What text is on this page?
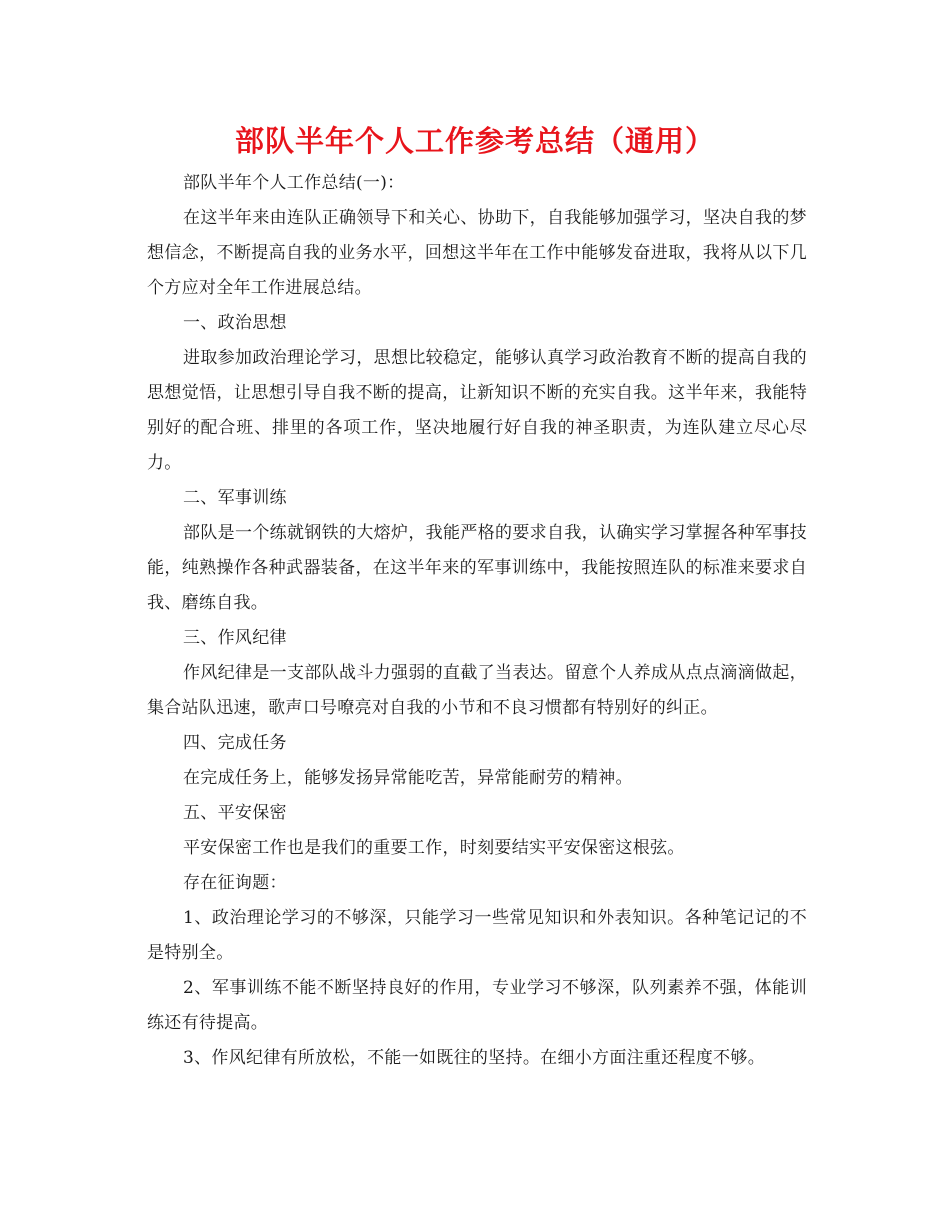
部队半年个人工作参考总结（通用）

部队半年个人工作总结(一)：

在这半年来由连队正确领导下和关心、协助下，自我能够加强学习，坚决自我的梦想信念，不断提高自我的业务水平，回想这半年在工作中能够发奋进取，我将从以下几个方应对全年工作进展总结。

一、政治思想

进取参加政治理论学习，思想比较稳定，能够认真学习政治教育不断的提高自我的思想觉悟，让思想引导自我不断的提高，让新知识不断的充实自我。这半年来，我能特别好的配合班、排里的各项工作，坚决地履行好自我的神圣职责，为连队建立尽心尽力。

二、军事训练

部队是一个练就钢铁的大熔炉，我能严格的要求自我，认确实学习掌握各种军事技能，纯熟操作各种武器装备，在这半年来的军事训练中，我能按照连队的标准来要求自我、磨练自我。

三、作风纪律

作风纪律是一支部队战斗力强弱的直截了当表达。留意个人养成从点点滴滴做起，集合站队迅速，歌声口号嘹亮对自我的小节和不良习惯都有特别好的纠正。

四、完成任务

在完成任务上，能够发扬异常能吃苦，异常能耐劳的精神。

五、平安保密

平安保密工作也是我们的重要工作，时刻要结实平安保密这根弦。

存在征询题：

1、政治理论学习的不够深，只能学习一些常见知识和外表知识。各种笔记记的不是特别全。

2、军事训练不能不断坚持良好的作用，专业学习不够深，队列素养不强，体能训练还有待提高。

3、作风纪律有所放松，不能一如既往的坚持。在细小方面注重还程度不够。
